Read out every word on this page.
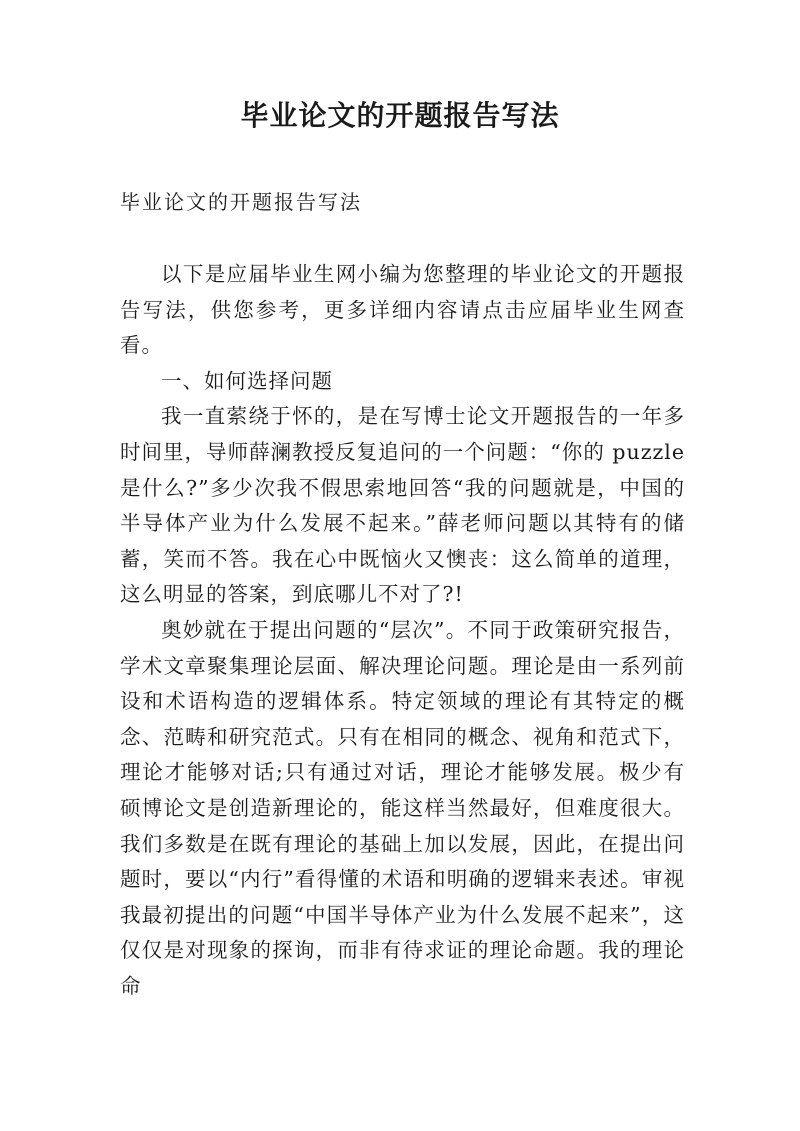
毕业论文的开题报告写法
毕业论文的开题报告写法

以下是应届毕业生网小编为您整理的毕业论文的开题报告写法，供您参考，更多详细内容请点击应届毕业生网查看。

一、如何选择问题

我一直萦绕于怀的，是在写博士论文开题报告的一年多时间里，导师薛澜教授反复追问的一个问题：“你的 puzzle是什么?”多少次我不假思索地回答“我的问题就是，中国的半导体产业为什么发展不起来。”薛老师问题以其特有的储蓄，笑而不答。我在心中既恼火又懊丧：这么简单的道理，这么明显的答案，到底哪儿不对了?!

奥妙就在于提出问题的“层次”。不同于政策研究报告，学术文章聚集理论层面、解决理论问题。理论是由一系列前设和术语构造的逻辑体系。特定领域的理论有其特定的概念、范畴和研究范式。只有在相同的概念、视角和范式下，理论才能够对话;只有通过对话，理论才能够发展。极少有硕博论文是创造新理论的，能这样当然最好，但难度很大。我们多数是在既有理论的基础上加以发展，因此，在提出问题时，要以“内行”看得懂的术语和明确的逻辑来表述。审视我最初提出的问题“中国半导体产业为什么发展不起来”，这仅仅是对现象的探询，而非有待求证的理论命题。我的理论命
